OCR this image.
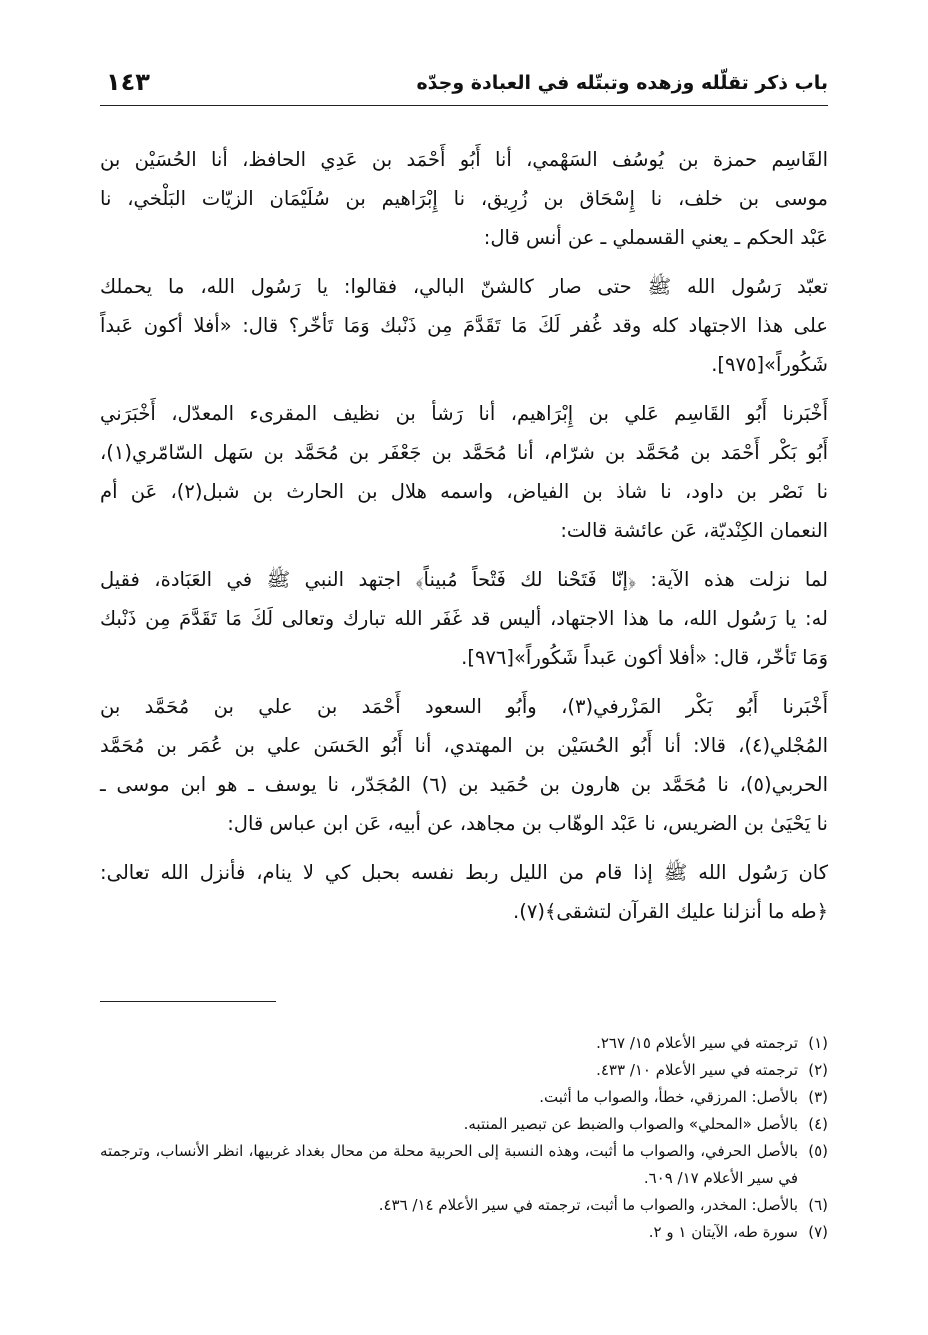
باب ذكر تقلّله وزهده وتبتّله في العبادة وجدّه
١٤٣
القَاسِم حمزة بن يُوسُف السَهْمي، أنا أَبُو أَحْمَد بن عَدِي الحافظ، أنا الحُسَيْن بن
موسى بن خلف، نا إِسْحَاق بن زُرِيق، نا إِبْرَاهيم بن سُلَيْمَان الزيّات البَلْخي، نا
عَبْد الحكم ـ يعني القسملي ـ عن أنس قال:
تعبّد رَسُول الله ﷺ حتى صار كالشنّ البالي، فقالوا: يا رَسُول الله، ما يحملك
على هذا الاجتهاد كله وقد غُفر لَكَ مَا تَقَدَّمَ مِن ذَنْبك وَمَا تَأخّر؟ قال: «أفلا أكون عَبداً
شَكُوراً»[٩٧٥].
أَخْبَرنا أَبُو القَاسِم عَلي بن إِبْرَاهيم، أنا رَشأ بن نظيف المقرىء المعدّل، أَخْبَرَني
أَبُو بَكْر أَحْمَد بن مُحَمَّد بن شرّام، أنا مُحَمَّد بن جَعْفَر بن مُحَمَّد بن سَهل السّامّري(١)،
نا نَصْر بن داود، نا شاذ بن الفياض، واسمه هلال بن الحارث بن شبل(٢)، عَن أم
النعمان الكِنْديّة، عَن عائشة قالت:
لما نزلت هذه الآية: ﴿إنّا فَتَحْنا لك فَتْحاً مُبيناً﴾ اجتهد النبي ﷺ في العَبَادة، فقيل
له: يا رَسُول الله، ما هذا الاجتهاد، أليس قد غَفَر الله تبارك وتعالى لَكَ مَا تَقَدَّمَ مِن ذَنْبك
وَمَا تَأخّر، قال: «أفلا أكون عَبداً شَكُوراً»[٩٧٦].
أَخْبَرنا أَبُو بَكْر المَزْرفي(٣)، وأَبُو السعود أَحْمَد بن علي بن مُحَمَّد بن
المُجْلي(٤)، قالا: أنا أَبُو الحُسَيْن بن المهتدي، أنا أَبُو الحَسَن علي بن عُمَر بن مُحَمَّد
الحربي(٥)، نا مُحَمَّد بن هارون بن حُمَيد بن (٦) المُجَدّر، نا يوسف ـ هو ابن موسى ـ
نا يَحْيَىٰ بن الضريس، نا عَبْد الوهّاب بن مجاهد، عن أبيه، عَن ابن عباس قال:
كان رَسُول الله ﷺ إذا قام من الليل ربط نفسه بحبل كي لا ينام، فأنزل الله تعالى:
﴿طه ما أنزلنا عليك القرآن لتشقى﴾(٧).
(١)
ترجمته في سير الأعلام ١٥/ ٢٦٧.
(٢)
ترجمته في سير الأعلام ١٠/ ٤٣٣.
(٣)
بالأصل: المرزقي، خطأ، والصواب ما أثبت.
(٤)
بالأصل «المحلي» والصواب والضبط عن تبصير المنتبه.
(٥)
بالأصل الحرفي، والصواب ما أثبت، وهذه النسبة إلى الحربية محلة من محال بغداد غربيها، انظر الأنساب، وترجمته في سير الأعلام ١٧/ ٦٠٩.
(٦)
بالأصل: المخدر، والصواب ما أثبت، ترجمته في سير الأعلام ١٤/ ٤٣٦.
(٧)
سورة طه، الآيتان ١ و ٢.
